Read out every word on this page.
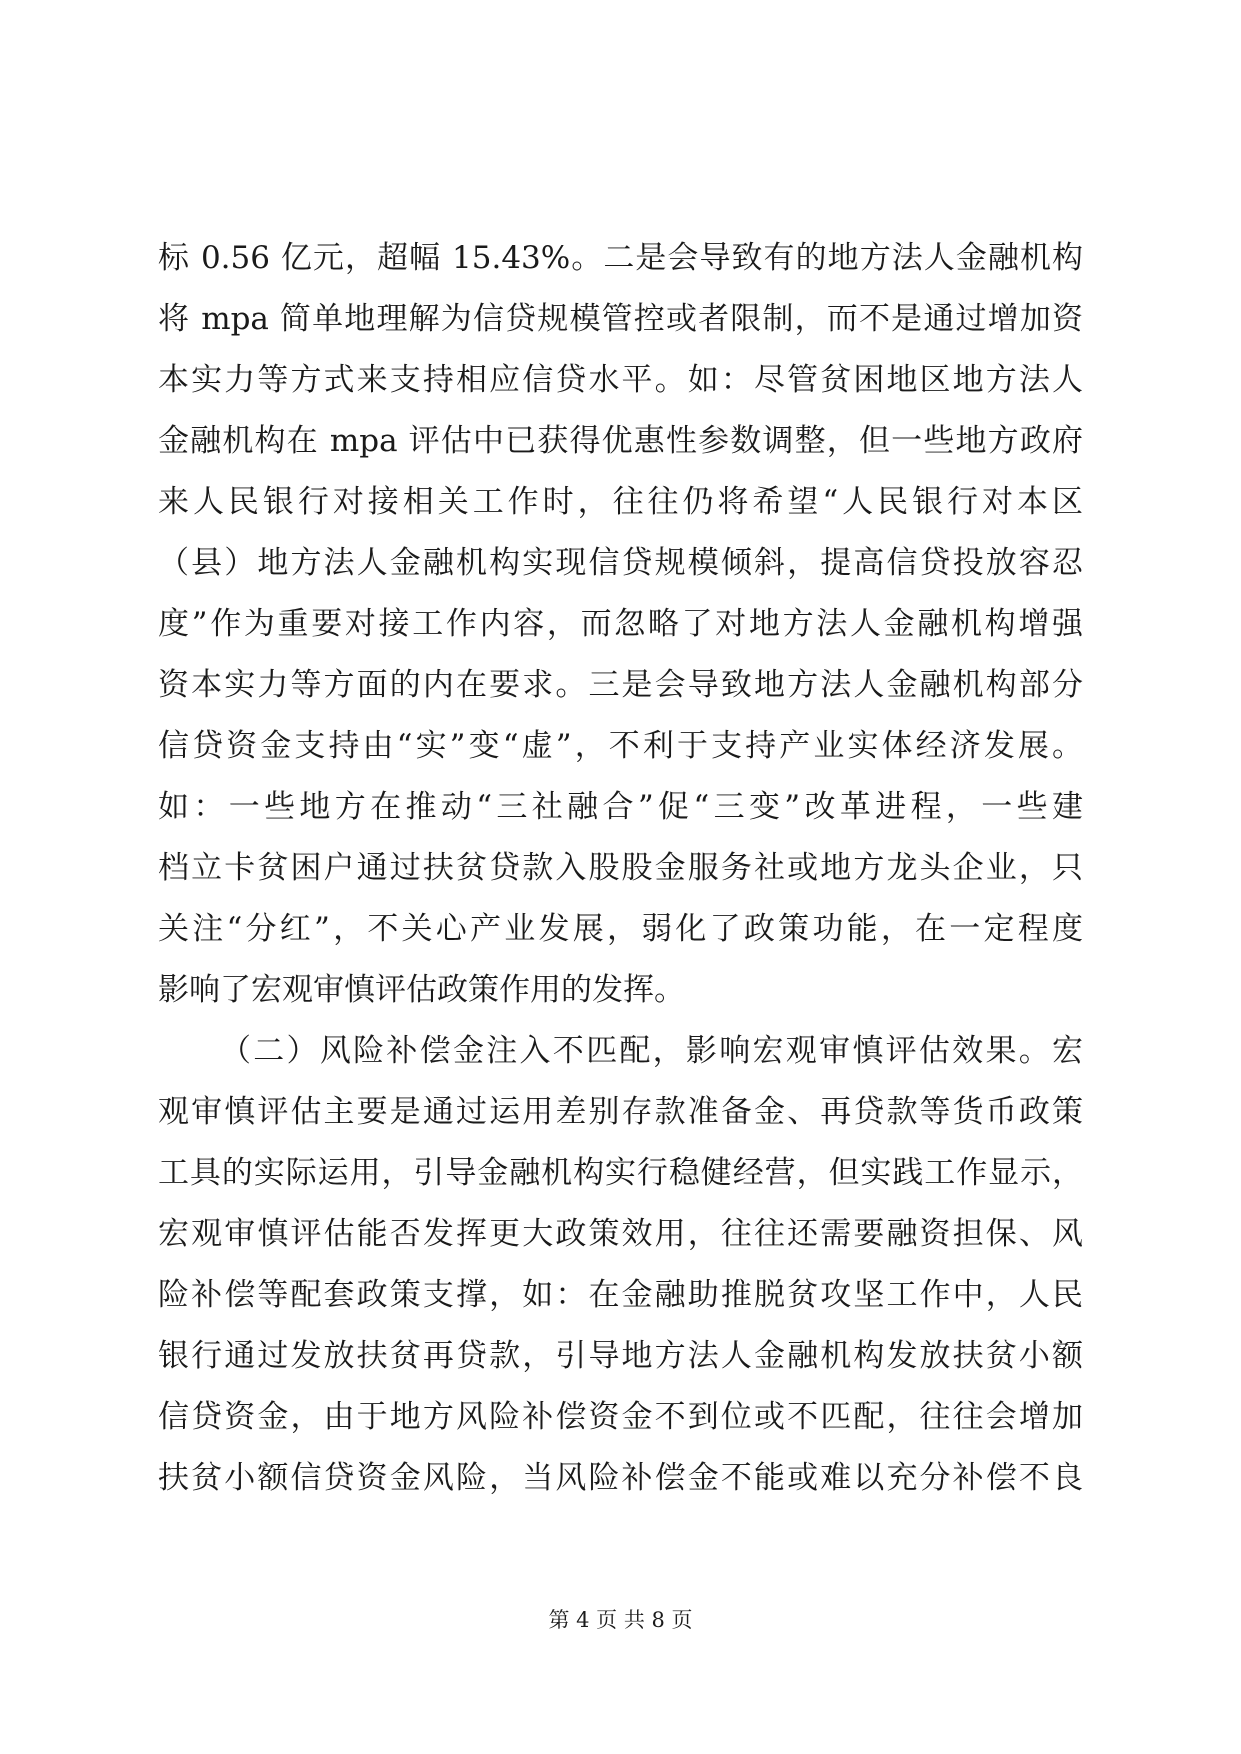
标 0.56 亿元，超幅 15.43%。二是会导致有的地方法人金融机构
将 mpa 简单地理解为信贷规模管控或者限制，而不是通过增加资
本实力等方式来支持相应信贷水平。如：尽管贫困地区地方法人
金融机构在 mpa 评估中已获得优惠性参数调整，但一些地方政府
来人民银行对接相关工作时，往往仍将希望“人民银行对本区
（县）地方法人金融机构实现信贷规模倾斜，提高信贷投放容忍
度”作为重要对接工作内容，而忽略了对地方法人金融机构增强
资本实力等方面的内在要求。三是会导致地方法人金融机构部分
信贷资金支持由“实”变“虚”，不利于支持产业实体经济发展。
如：一些地方在推动“三社融合”促“三变”改革进程，一些建
档立卡贫困户通过扶贫贷款入股股金服务社或地方龙头企业，只
关注“分红”，不关心产业发展，弱化了政策功能，在一定程度
影响了宏观审慎评估政策作用的发挥。
（二）风险补偿金注入不匹配，影响宏观审慎评估效果。宏
观审慎评估主要是通过运用差别存款准备金、再贷款等货币政策
工具的实际运用，引导金融机构实行稳健经营，但实践工作显示，
宏观审慎评估能否发挥更大政策效用，往往还需要融资担保、风
险补偿等配套政策支撑，如：在金融助推脱贫攻坚工作中，人民
银行通过发放扶贫再贷款，引导地方法人金融机构发放扶贫小额
信贷资金，由于地方风险补偿资金不到位或不匹配，往往会增加
扶贫小额信贷资金风险，当风险补偿金不能或难以充分补偿不良
第 4 页 共 8 页
